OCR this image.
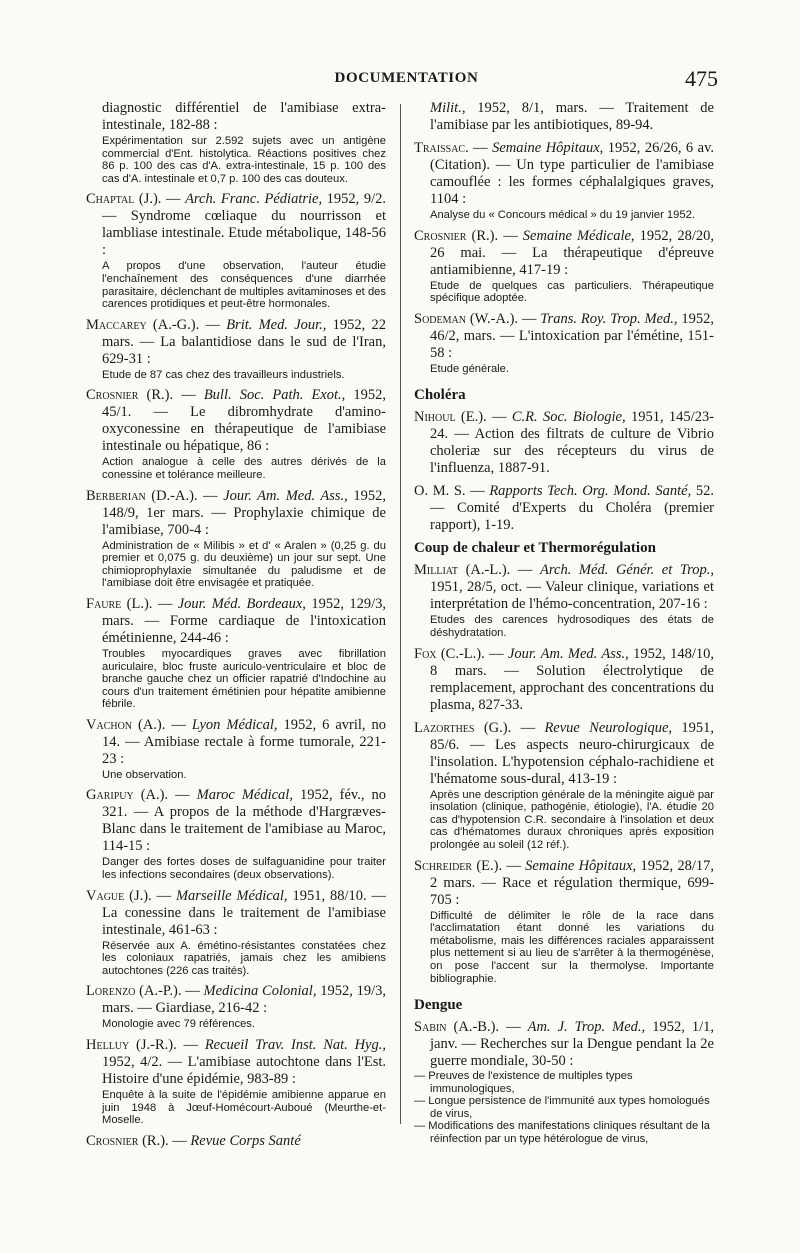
DOCUMENTATION	475

diagnostic différentiel de l'amibiase extra-intestinale, 182-88 :

Expérimentation sur 2.592 sujets avec un antigène commercial d'Ent. histolytica. Réactions positives chez 86 p. 100 des cas d'A. extra-intestinale, 15 p. 100 des cas d'A. intestinale et 0,7 p. 100 des cas douteux.

Chaptal (J.). — Arch. Franc. Pédiatrie, 1952, 9/2. — Syndrome cœliaque du nourrisson et lambliase intestinale. Etude métabolique, 148-56 :

A propos d'une observation, l'auteur étudie l'enchaînement des conséquences d'une diarrhée parasitaire, déclenchant de multiples avitaminoses et des carences protidiques et peut-être hormonales.

Maccarey (A.-G.). — Brit. Med. Jour., 1952, 22 mars. — La balantidiose dans le sud de l'Iran, 629-31 :

Etude de 87 cas chez des travailleurs industriels.

Crosnier (R.). — Bull. Soc. Path. Exot., 1952, 45/1. — Le dibromhydrate d'amino-oxyconessine en thérapeutique de l'amibiase intestinale ou hépatique, 86 :

Action analogue à celle des autres dérivés de la conessine et tolérance meilleure.

Berberian (D.-A.). — Jour. Am. Med. Ass., 1952, 148/9, 1er mars. — Prophylaxie chimique de l'amibiase, 700-4 :

Administration de « Milibis » et d' « Aralen » (0,25 g. du premier et 0,075 g. du deuxième) un jour sur sept. Une chimioprophylaxie simultanée du paludisme et de l'amibiase doit être envisagée et pratiquée.

Faure (L.). — Jour. Méd. Bordeaux, 1952, 129/3, mars. — Forme cardiaque de l'intoxication émétinienne, 244-46 :

Troubles myocardiques graves avec fibrillation auriculaire, bloc fruste auriculo-ventriculaire et bloc de branche gauche chez un officier rapatrié d'Indochine au cours d'un traitement émétinien pour hépatite amibienne fébrile.

Vachon (A.). — Lyon Médical, 1952, 6 avril, no 14. — Amibiase rectale à forme tumorale, 221-23 :

Une observation.

Garipuy (A.). — Maroc Médical, 1952, fév., no 321. — A propos de la méthode d'Hargræves-Blanc dans le traitement de l'amibiase au Maroc, 114-15 :

Danger des fortes doses de sulfaguanidine pour traiter les infections secondaires (deux observations).

Vague (J.). — Marseille Médical, 1951, 88/10. — La conessine dans le traitement de l'amibiase intestinale, 461-63 :

Réservée aux A. émétino-résistantes constatées chez les coloniaux rapatriés, jamais chez les amibiens autochtones (226 cas traités).

Lorenzo (A.-P.). — Medicina Colonial, 1952, 19/3, mars. — Giardiase, 216-42 :

Monologie avec 79 références.

Helluy (J.-R.). — Recueil Trav. Inst. Nat. Hyg., 1952, 4/2. — L'amibiase autochtone dans l'Est. Histoire d'une épidémie, 983-89 :

Enquête à la suite de l'épidémie amibienne apparue en juin 1948 à Jœuf-Homécourt-Auboué (Meurthe-et-Moselle.

Crosnier (R.). — Revue Corps Santé

Milit., 1952, 8/1, mars. — Traitement de l'amibiase par les antibiotiques, 89-94.

Traissac. — Semaine Hôpitaux, 1952, 26/26, 6 av. (Citation). — Un type particulier de l'amibiase camouflée : les formes céphalalgiques graves, 1104 :

Analyse du « Concours médical » du 19 janvier 1952.

Crosnier (R.). — Semaine Médicale, 1952, 28/20, 26 mai. — La thérapeutique d'épreuve antiamibienne, 417-19 :

Etude de quelques cas particuliers. Thérapeutique spécifique adoptée.

Sodeman (W.-A.). — Trans. Roy. Trop. Med., 1952, 46/2, mars. — L'intoxication par l'émétine, 151-58 :

Etude générale.

Choléra

Nihoul (E.). — C.R. Soc. Biologie, 1951, 145/23-24. — Action des filtrats de culture de Vibrio choleriæ sur des récepteurs du virus de l'influenza, 1887-91.

O. M. S. — Rapports Tech. Org. Mond. Santé, 52. — Comité d'Experts du Choléra (premier rapport), 1-19.

Coup de chaleur et Thermorégulation

Milliat (A.-L.). — Arch. Méd. Génér. et Trop., 1951, 28/5, oct. — Valeur clinique, variations et interprétation de l'hémo-concentration, 207-16 :

Etudes des carences hydrosodiques des états de déshydratation.

Fox (C.-L.). — Jour. Am. Med. Ass., 1952, 148/10, 8 mars. — Solution électrolytique de remplacement, approchant des concentrations du plasma, 827-33.

Lazorthes (G.). — Revue Neurologique, 1951, 85/6. — Les aspects neuro-chirurgicaux de l'insolation. L'hypotension céphalo-rachidiene et l'hématome sous-dural, 413-19 :

Après une description générale de la méningite aiguë par insolation (clinique, pathogénie, étiologie), l'A. étudie 20 cas d'hypotension C.R. secondaire à l'insolation et deux cas d'hématomes duraux chroniques après exposition prolongée au soleil (12 réf.).

Schreider (E.). — Semaine Hôpitaux, 1952, 28/17, 2 mars. — Race et régulation thermique, 699-705 :

Difficulté de délimiter le rôle de la race dans l'acclimatation étant donné les variations du métabolisme, mais les différences raciales apparaissent plus nettement si au lieu de s'arrêter à la thermogénèse, on pose l'accent sur la thermolyse. Importante bibliographie.

Dengue

Sabin (A.-B.). — Am. J. Trop. Med., 1952, 1/1, janv. — Recherches sur la Dengue pendant la 2e guerre mondiale, 30-50 :

— Preuves de l'existence de multiples types immunologiques,
— Longue persistence de l'immunité aux types homologués de virus,
— Modifications des manifestations cliniques résultant de la réinfection par un type hétérologue de virus,
